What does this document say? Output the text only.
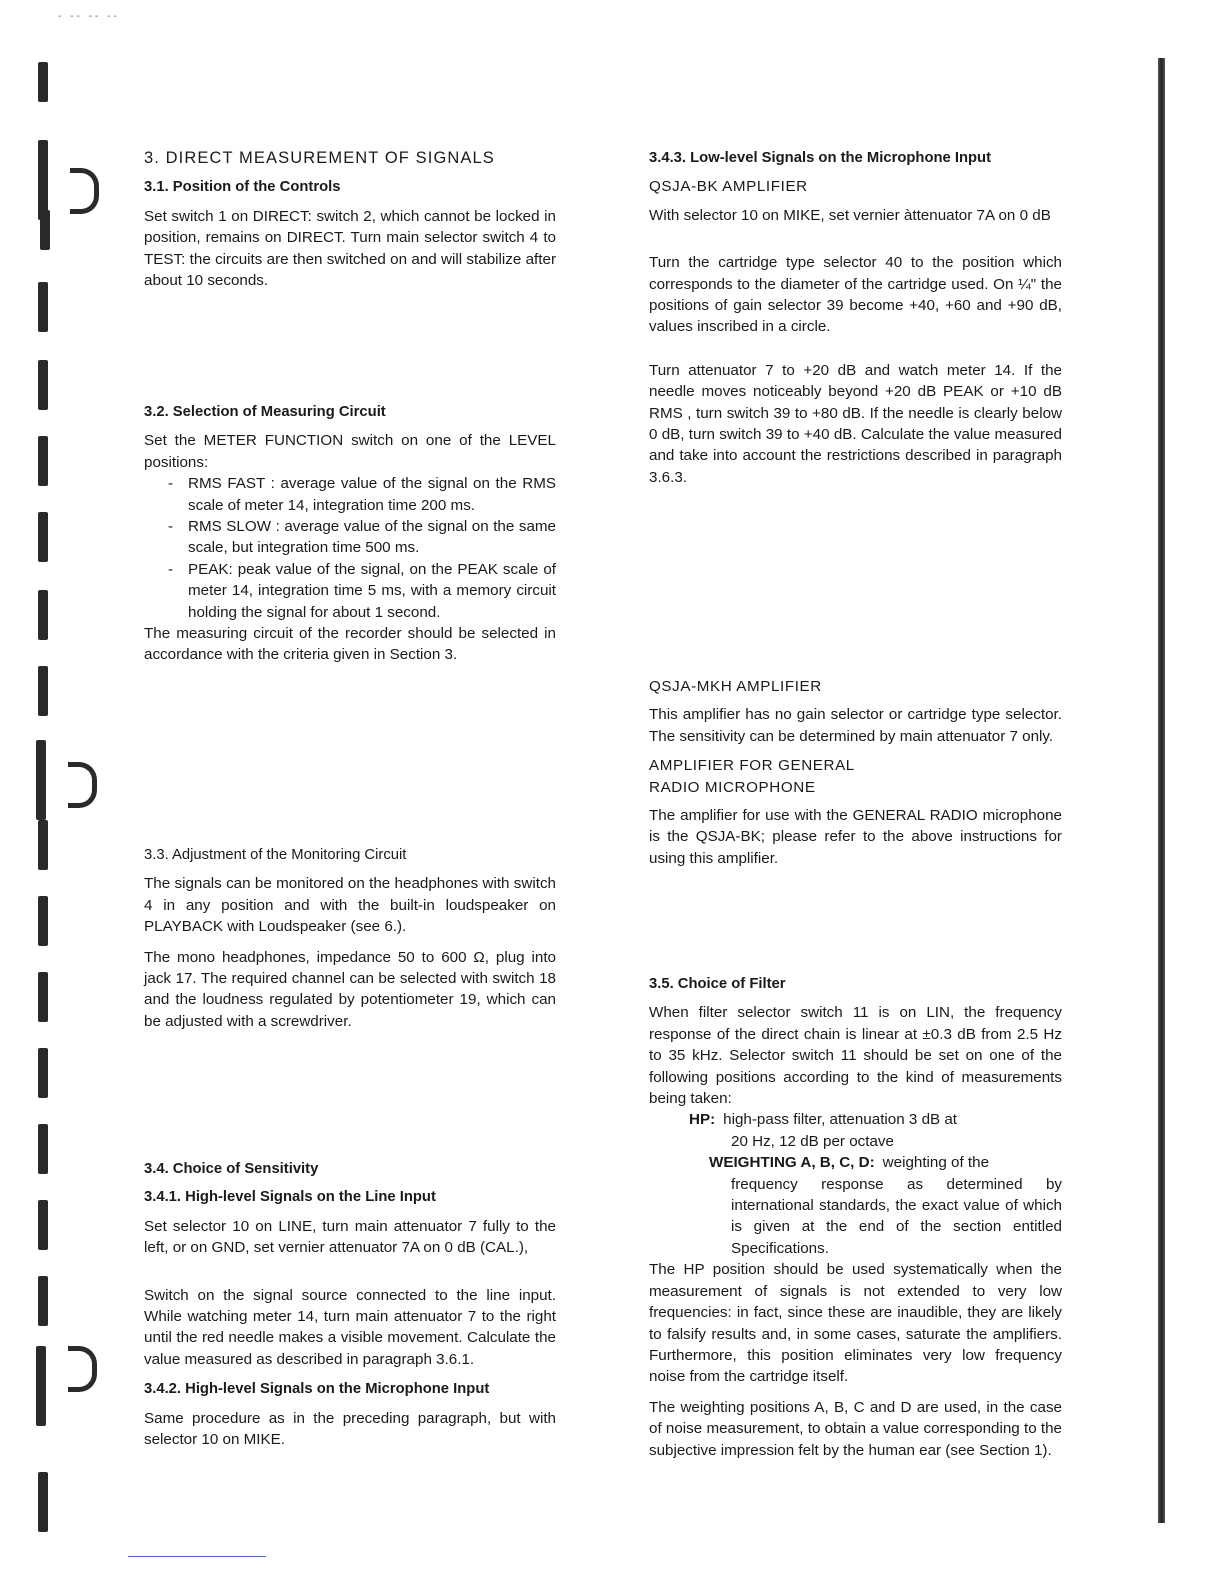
- -- -- --
3. DIRECT MEASUREMENT OF SIGNALS
3.1. Position of the Controls

Set switch 1 on DIRECT: switch 2, which cannot be locked in position, remains on DIRECT. Turn main selector switch 4 to TEST: the circuits are then switched on and will stabilize after about 10 seconds.

3.2. Selection of Measuring Circuit

Set the METER FUNCTION switch on one of the LEVEL positions:

- RMS FAST : average value of the signal on the RMS scale of meter 14, integration time 200 ms.
- RMS SLOW : average value of the signal on the same scale, but integration time 500 ms.
- PEAK: peak value of the signal, on the PEAK scale of meter 14, integration time 5 ms, with a memory circuit holding the signal for about 1 second.

The measuring circuit of the recorder should be selected in accordance with the criteria given in Section 3.

3.3. Adjustment of the Monitoring Circuit

The signals can be monitored on the headphones with switch 4 in any position and with the built-in loudspeaker on PLAYBACK with Loudspeaker (see 6.).

The mono headphones, impedance 50 to 600 Ω, plug into jack 17. The required channel can be selected with switch 18 and the loudness regulated by potentiometer 19, which can be adjusted with a screwdriver.

3.4. Choice of Sensitivity
3.4.1. High-level Signals on the Line Input

Set selector 10 on LINE, turn main attenuator 7 fully to the left, or on GND, set vernier attenuator 7A on 0 dB (CAL.),

Switch on the signal source connected to the line input. While watching meter 14, turn main attenuator 7 to the right until the red needle makes a visible movement. Calculate the value measured as described in paragraph 3.6.1.

3.4.2. High-level Signals on the Microphone Input

Same procedure as in the preceding paragraph, but with selector 10 on MIKE.

3.4.3. Low-level Signals on the Microphone Input
QSJA-BK AMPLIFIER

With selector 10 on MIKE, set vernier àttenuator 7A on 0 dB

Turn the cartridge type selector 40 to the position which corresponds to the diameter of the cartridge used. On ¼" the positions of gain selector 39 become +40, +60 and +90 dB, values inscribed in a circle.

Turn attenuator 7 to +20 dB and watch meter 14. If the needle moves noticeably beyond +20 dB PEAK or +10 dB RMS , turn switch 39 to +80 dB. If the needle is clearly below 0 dB, turn switch 39 to +40 dB. Calculate the value measured and take into account the restrictions described in paragraph 3.6.3.

QSJA-MKH AMPLIFIER

This amplifier has no gain selector or cartridge type selector. The sensitivity can be determined by main attenuator 7 only.

AMPLIFIER FOR GENERAL
RADIO MICROPHONE

The amplifier for use with the GENERAL RADIO microphone is the QSJA-BK; please refer to the above instructions for using this amplifier.

3.5. Choice of Filter

When filter selector switch 11 is on LIN, the frequency response of the direct chain is linear at ±0.3 dB from 2.5 Hz to 35 kHz. Selector switch 11 should be set on one of the following positions according to the kind of measurements being taken:

HP: high-pass filter, attenuation 3 dB at
20 Hz, 12 dB per octave
WEIGHTING A, B, C, D: weighting of the
frequency response as determined by international standards, the exact value of which is given at the end of the section entitled Specifications.

The HP position should be used systematically when the measurement of signals is not extended to very low frequencies: in fact, since these are inaudible, they are likely to falsify results and, in some cases, saturate the amplifiers. Furthermore, this position eliminates very low frequency noise from the cartridge itself.

The weighting positions A, B, C and D are used, in the case of noise measurement, to obtain a value corresponding to the subjective impression felt by the human ear (see Section 1).
